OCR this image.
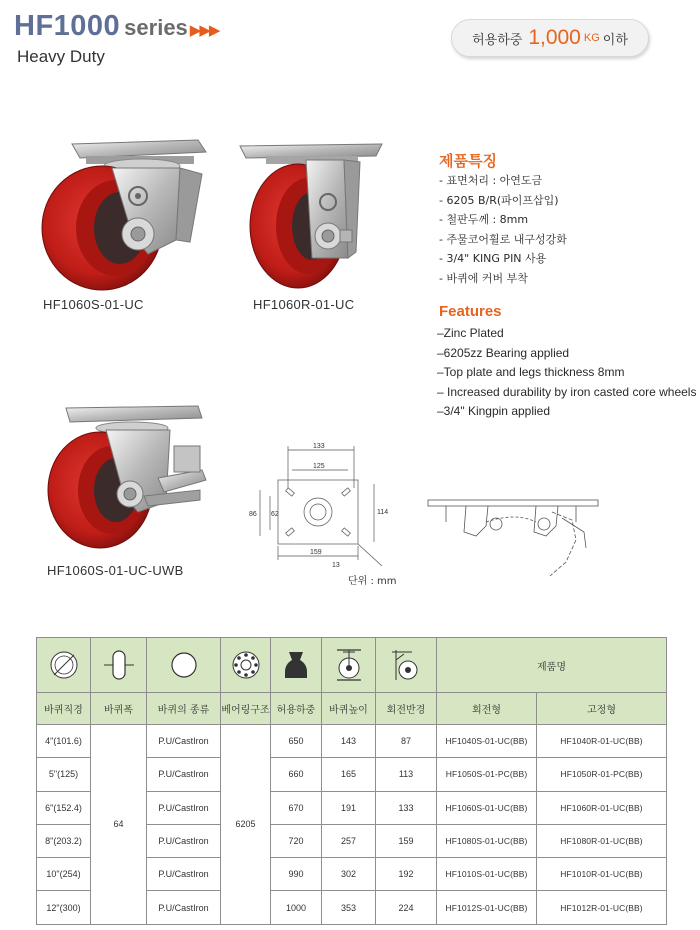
HF1000 series ▶▶▶
Heavy Duty
허용하중 1,000 KG 이하
HF1060S-01-UC	HF1060R-01-UC
HF1060S-01-UC-UWB
제품특징
- 표면처리 : 아연도금
- 6205 B/R(파이프삽입)
- 철판두께 : 8mm
- 주물코어휠로 내구성강화
- 3/4" KING PIN 사용
- 바퀴에 커버 부착
Features
–Zinc Plated
–6205zz Bearing applied
–Top plate and legs thickness 8mm
– Increased durability by iron casted core wheels
–3/4" Kingpin applied
133
125
86 62	114
159
13
단위 : mm

	제품명	
바퀴직경	바퀴폭	바퀴의 종류	베어링구조	허용하중	바퀴높이	회전반경	회전형	고정형
4"(101.6)	64	P.U/CastIron	6205	650	143	87	HF1040S-01-UC(BB)	HF1040R-01-UC(BB)
5"(125)		P.U/CastIron		660	165	113	HF1050S-01-PC(BB)	HF1050R-01-PC(BB)
6"(152.4)		P.U/CastIron		670	191	133	HF1060S-01-UC(BB)	HF1060R-01-UC(BB)
8"(203.2)		P.U/CastIron		720	257	159	HF1080S-01-UC(BB)	HF1080R-01-UC(BB)
10"(254)		P.U/CastIron		990	302	192	HF1010S-01-UC(BB)	HF1010R-01-UC(BB)
12"(300)		P.U/CastIron		1000	353	224	HF1012S-01-UC(BB)	HF1012R-01-UC(BB)
